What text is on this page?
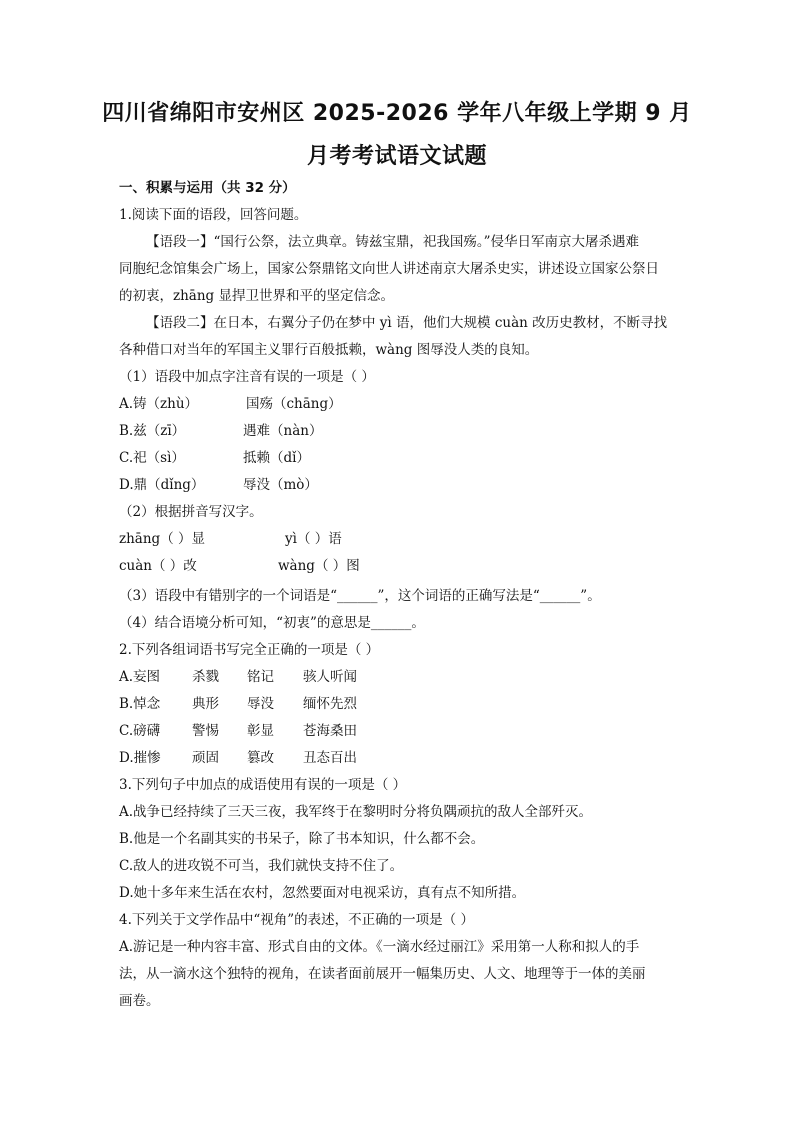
四川省绵阳市安州区 2025-2026 学年八年级上学期 9 月
月考考试语文试题
一、积累与运用（共 32 分）
1.阅读下面的语段，回答问题。
【语段一】“国行公祭，法立典章。铸兹宝鼎，祀我国殇。”侵华日军南京大屠杀遇难
同胞纪念馆集会广场上，国家公祭鼎铭文向世人讲述南京大屠杀史实，讲述设立国家公祭日
的初衷，zhāng 显捍卫世界和平的坚定信念。
【语段二】在日本，右翼分子仍在梦中 yì 语，他们大规模 cuàn 改历史教材，不断寻找
各种借口对当年的军国主义罪行百般抵赖，wàng 图辱没人类的良知。
（1）语段中加点字注音有误的一项是（ ）
A.铸（zhù）	国殇（chāng）
B.兹（zī）	遇难（nàn）
C.祀（sì）	抵赖（dǐ）
D.鼎（dǐng）	辱没（mò）
（2）根据拼音写汉字。
zhāng（ ）显	yì（ ）语
cuàn（ ）改	wàng（ ）图
（3）语段中有错别字的一个词语是“______”，这个词语的正确写法是“______”。
（4）结合语境分析可知，“初衷”的意思是______。
2.下列各组词语书写完全正确的一项是（ ）
A.妄图 杀戮 铭记 骇人听闻
B.悼念 典形 辱没 缅怀先烈
C.磅礴 警惕 彰显 苍海桑田
D.摧惨 顽固 篡改 丑态百出
3.下列句子中加点的成语使用有误的一项是（ ）
A.战争已经持续了三天三夜，我军终于在黎明时分将负隅顽抗的敌人全部歼灭。
B.他是一个名副其实的书呆子，除了书本知识，什么都不会。
C.敌人的进攻锐不可当，我们就快支持不住了。
D.她十多年来生活在农村，忽然要面对电视采访，真有点不知所措。
4.下列关于文学作品中“视角”的表述，不正确的一项是（ ）
A.游记是一种内容丰富、形式自由的文体。《一滴水经过丽江》采用第一人称和拟人的手
法，从一滴水这个独特的视角，在读者面前展开一幅集历史、人文、地理等于一体的美丽
画卷。
